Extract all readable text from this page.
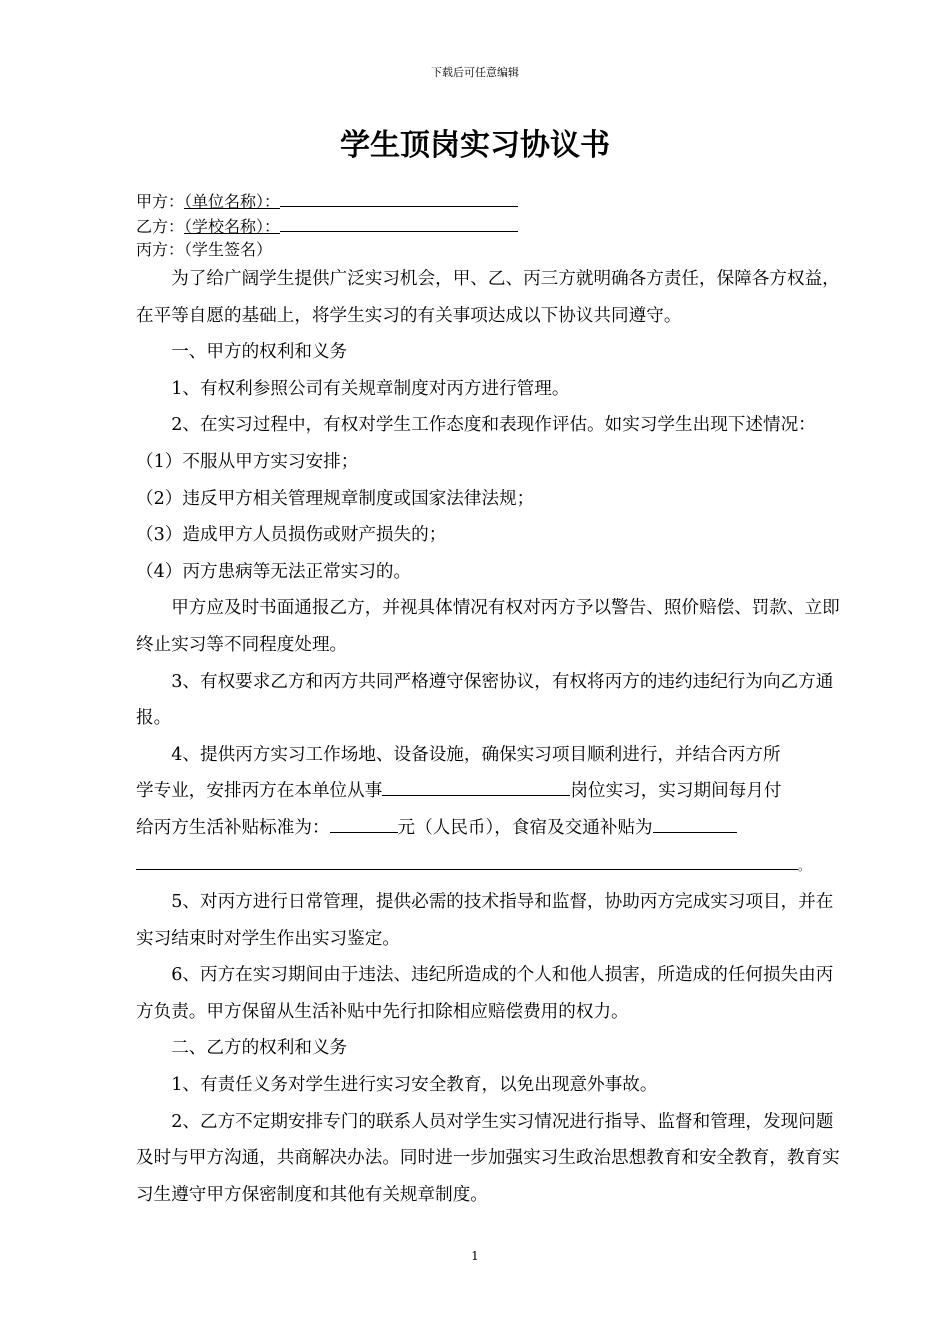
下载后可任意编辑
学生顶岗实习协议书
甲方：（单位名称）：
乙方：（学校名称）：
丙方：（学生签名）

为了给广阔学生提供广泛实习机会，甲、乙、丙三方就明确各方责任，保障各方权益，在平等自愿的基础上，将学生实习的有关事项达成以下协议共同遵守。

一、甲方的权利和义务

1、有权利参照公司有关规章制度对丙方进行管理。

2、在实习过程中，有权对学生工作态度和表现作评估。如实习学生出现下述情况：

（1）不服从甲方实习安排；

（2）违反甲方相关管理规章制度或国家法律法规；

（3）造成甲方人员损伤或财产损失的；

（4）丙方患病等无法正常实习的。

甲方应及时书面通报乙方，并视具体情况有权对丙方予以警告、照价赔偿、罚款、立即终止实习等不同程度处理。

3、有权要求乙方和丙方共同严格遵守保密协议，有权将丙方的违约违纪行为向乙方通报。

4、提供丙方实习工作场地、设备设施，确保实习项目顺利进行，并结合丙方所

学专业，安排丙方在本单位从事	岗位实习，实习期间每月付

给丙方生活补贴标准为：	元（人民币），食宿及交通补贴为

。

5、对丙方进行日常管理，提供必需的技术指导和监督，协助丙方完成实习项目，并在实习结束时对学生作出实习鉴定。

6、丙方在实习期间由于违法、违纪所造成的个人和他人损害，所造成的任何损失由丙方负责。甲方保留从生活补贴中先行扣除相应赔偿费用的权力。

二、乙方的权利和义务

1、有责任义务对学生进行实习安全教育，以免出现意外事故。

2、乙方不定期安排专门的联系人员对学生实习情况进行指导、监督和管理，发现问题及时与甲方沟通，共商解决办法。同时进一步加强实习生政治思想教育和安全教育，教育实习生遵守甲方保密制度和其他有关规章制度。

1
